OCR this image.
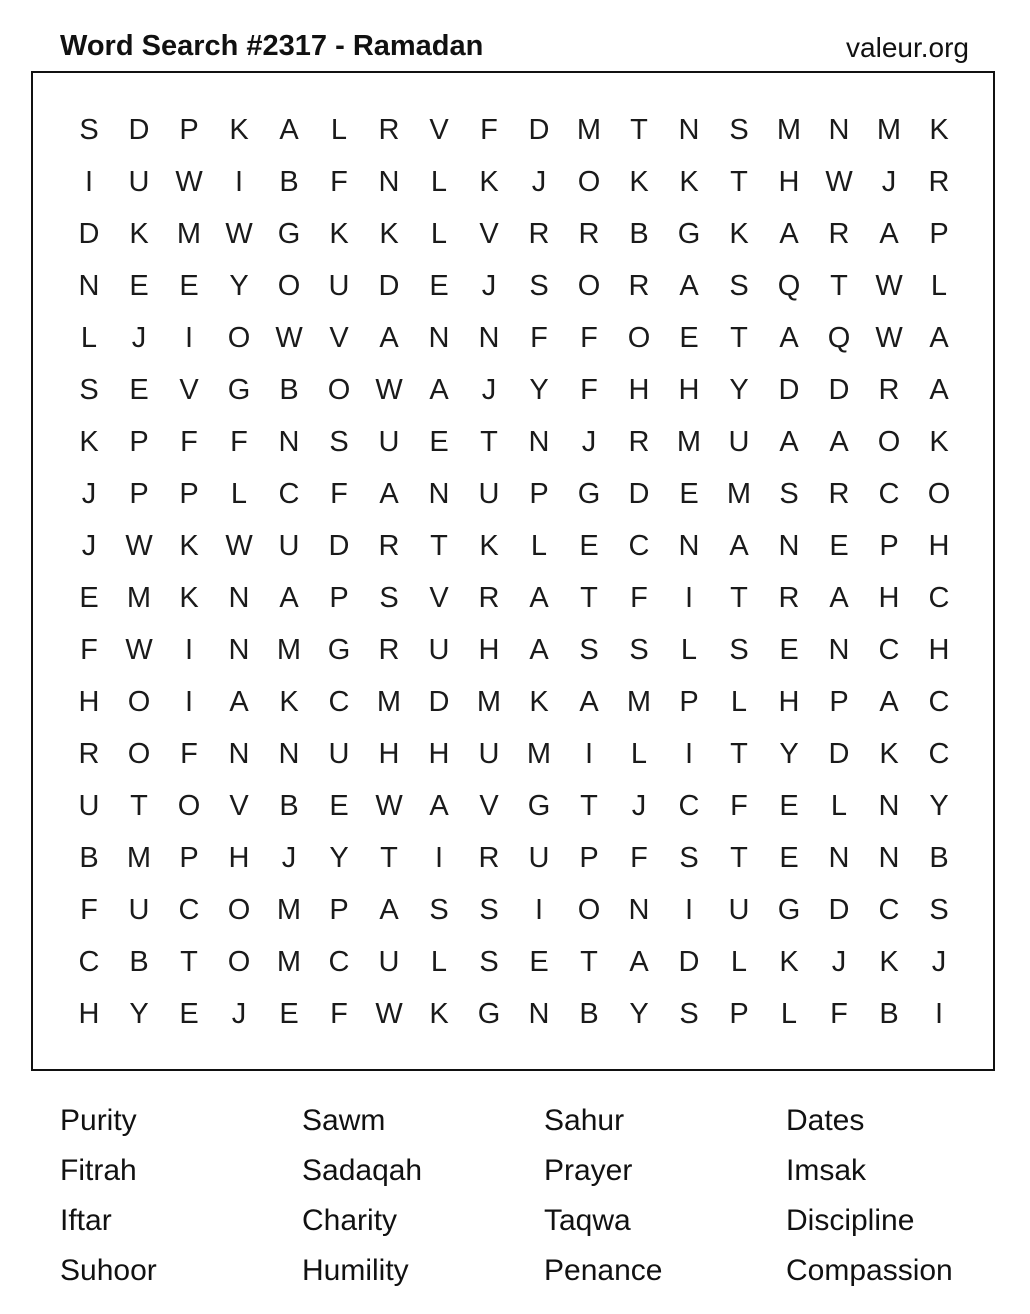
Word Search #2317 - Ramadan	valeur.org
S	D	P	K	A	L	R	V	F	D M	T	N	S M N M K
I	U W	I	B	F	N	L	K	J	O	K	K	T	H W	J	R
D	K M W G	K	K	L	V	R	R	B	G	K	A	R	A	P
N	E	E	Y	O U	D	E	J	S	O R	A	S	Q	T W L
L	J	I	O W V	A	N	N	F	F	O	E	T	A	Q W A
S	E	V	G	B	O W A	J	Y	F	H	H	Y	D	D	R	A
K	P	F	F	N	S	U	E	T	N	J	R M U	A	A	O	K
J	P	P	L	C	F	A	N	U	P	G D	E M S	R	C O
J	W K W U	D	R	T	K	L	E	C	N	A	N	E	P	H
E M K	N	A	P	S	V	R	A	T	F	I	T	R	A	H	C
F W	I	N M G R	U	H	A	S	S	L	S	E	N	C	H
H O	I	A	K	C M D M K	A M P	L	H	P	A	C
R O	F	N	N	U	H	H	U M	I	L	I	T	Y	D	K	C
U	T	O	V	B	E W A	V	G	T	J	C	F	E	L	N	Y
B M P	H	J	Y	T	I	R	U	P	F	S	T	E	N	N	B
F	U	C O M P	A	S	S	I	O N	I	U G D	C	S
C	B	T	O M C	U	L	S	E	T	A	D	L	K	J	K	J
H	Y	E	J	E	F W K	G N	B	Y	S	P	L	F	B	I
Purity	Sawm	Sahur	Dates
Fitrah	Sadaqah	Prayer	Imsak
Iftar	Charity	Taqwa	Discipline
Suhoor	Humility	Penance	Compassion
